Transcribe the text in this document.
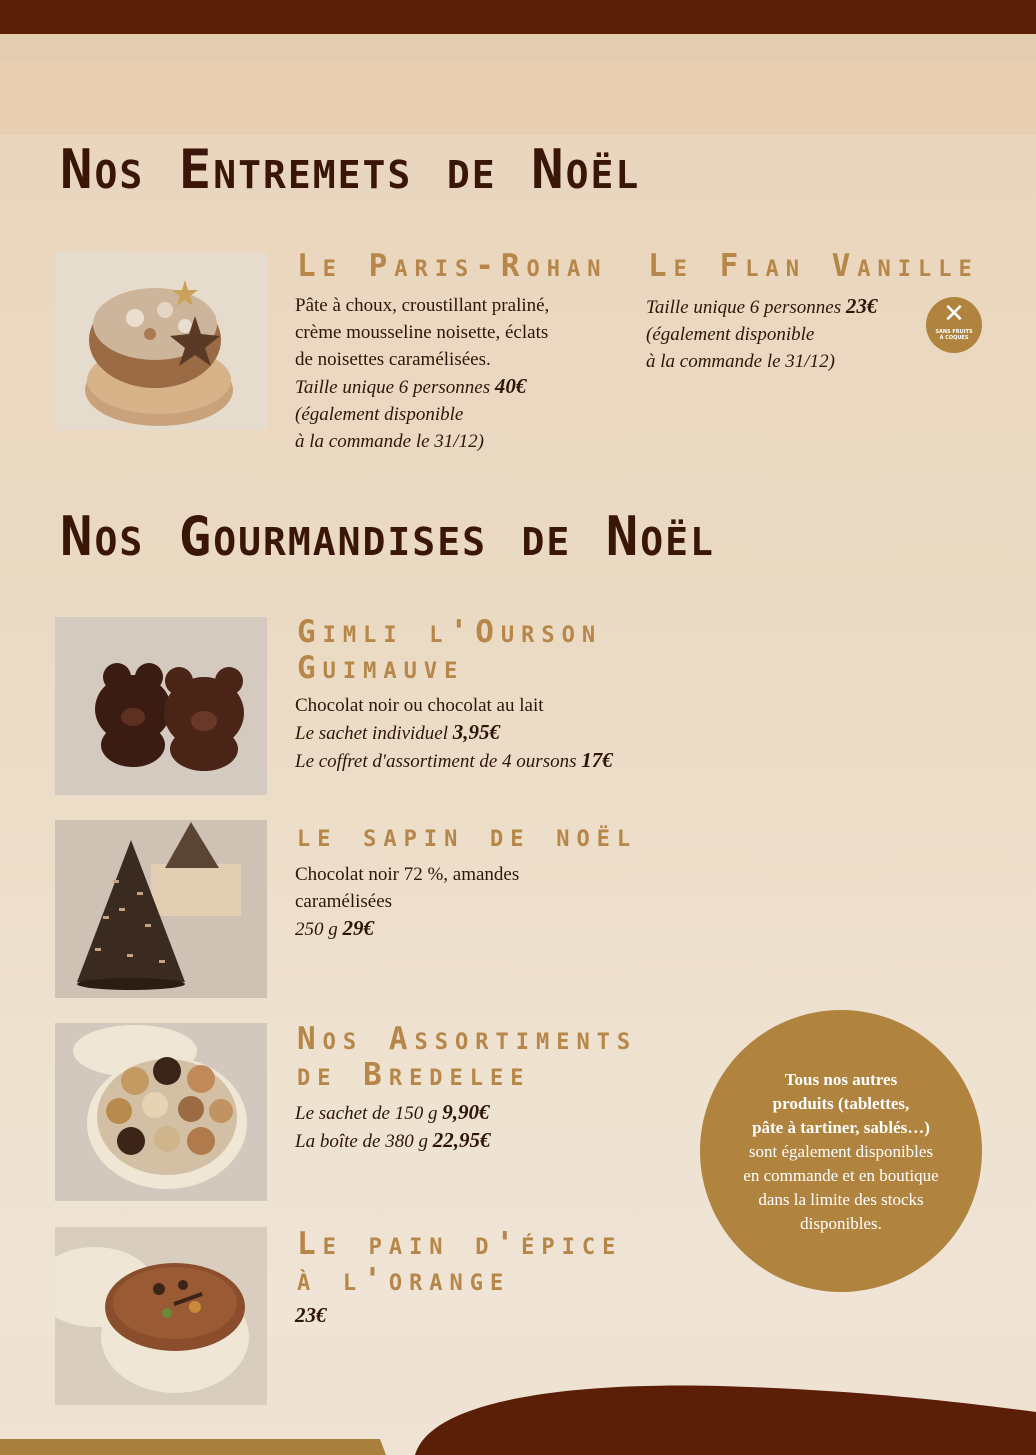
Nos Entremets de Noël
Le Paris-Rohan
Pâte à choux, croustillant praliné,
crème mousseline noisette, éclats
de noisettes caramélisées.
Taille unique 6 personnes 40€
(également disponible
à la commande le 31/12)
Le Flan Vanille
Taille unique 6 personnes 23€
(également disponible
à la commande le 31/12)
✕
SANS FRUITS
À COQUES
Nos Gourmandises de Noël
Gimli l'Ourson
Guimauve
Chocolat noir ou chocolat au lait
Le sachet individuel 3,95€
Le coffret d'assortiment de 4 oursons 17€
le sapin de noël
Chocolat noir 72 %, amandes
caramélisées
250 g 29€
Nos Assortiments
de Bredelee
Le sachet de 150 g 9,90€
La boîte de 380 g 22,95€
Le pain d'épice
à l'orange
23€
Tous nos autres
produits (tablettes,
pâte à tartiner, sablés…)
sont également disponibles
en commande et en boutique
dans la limite des stocks
disponibles.
